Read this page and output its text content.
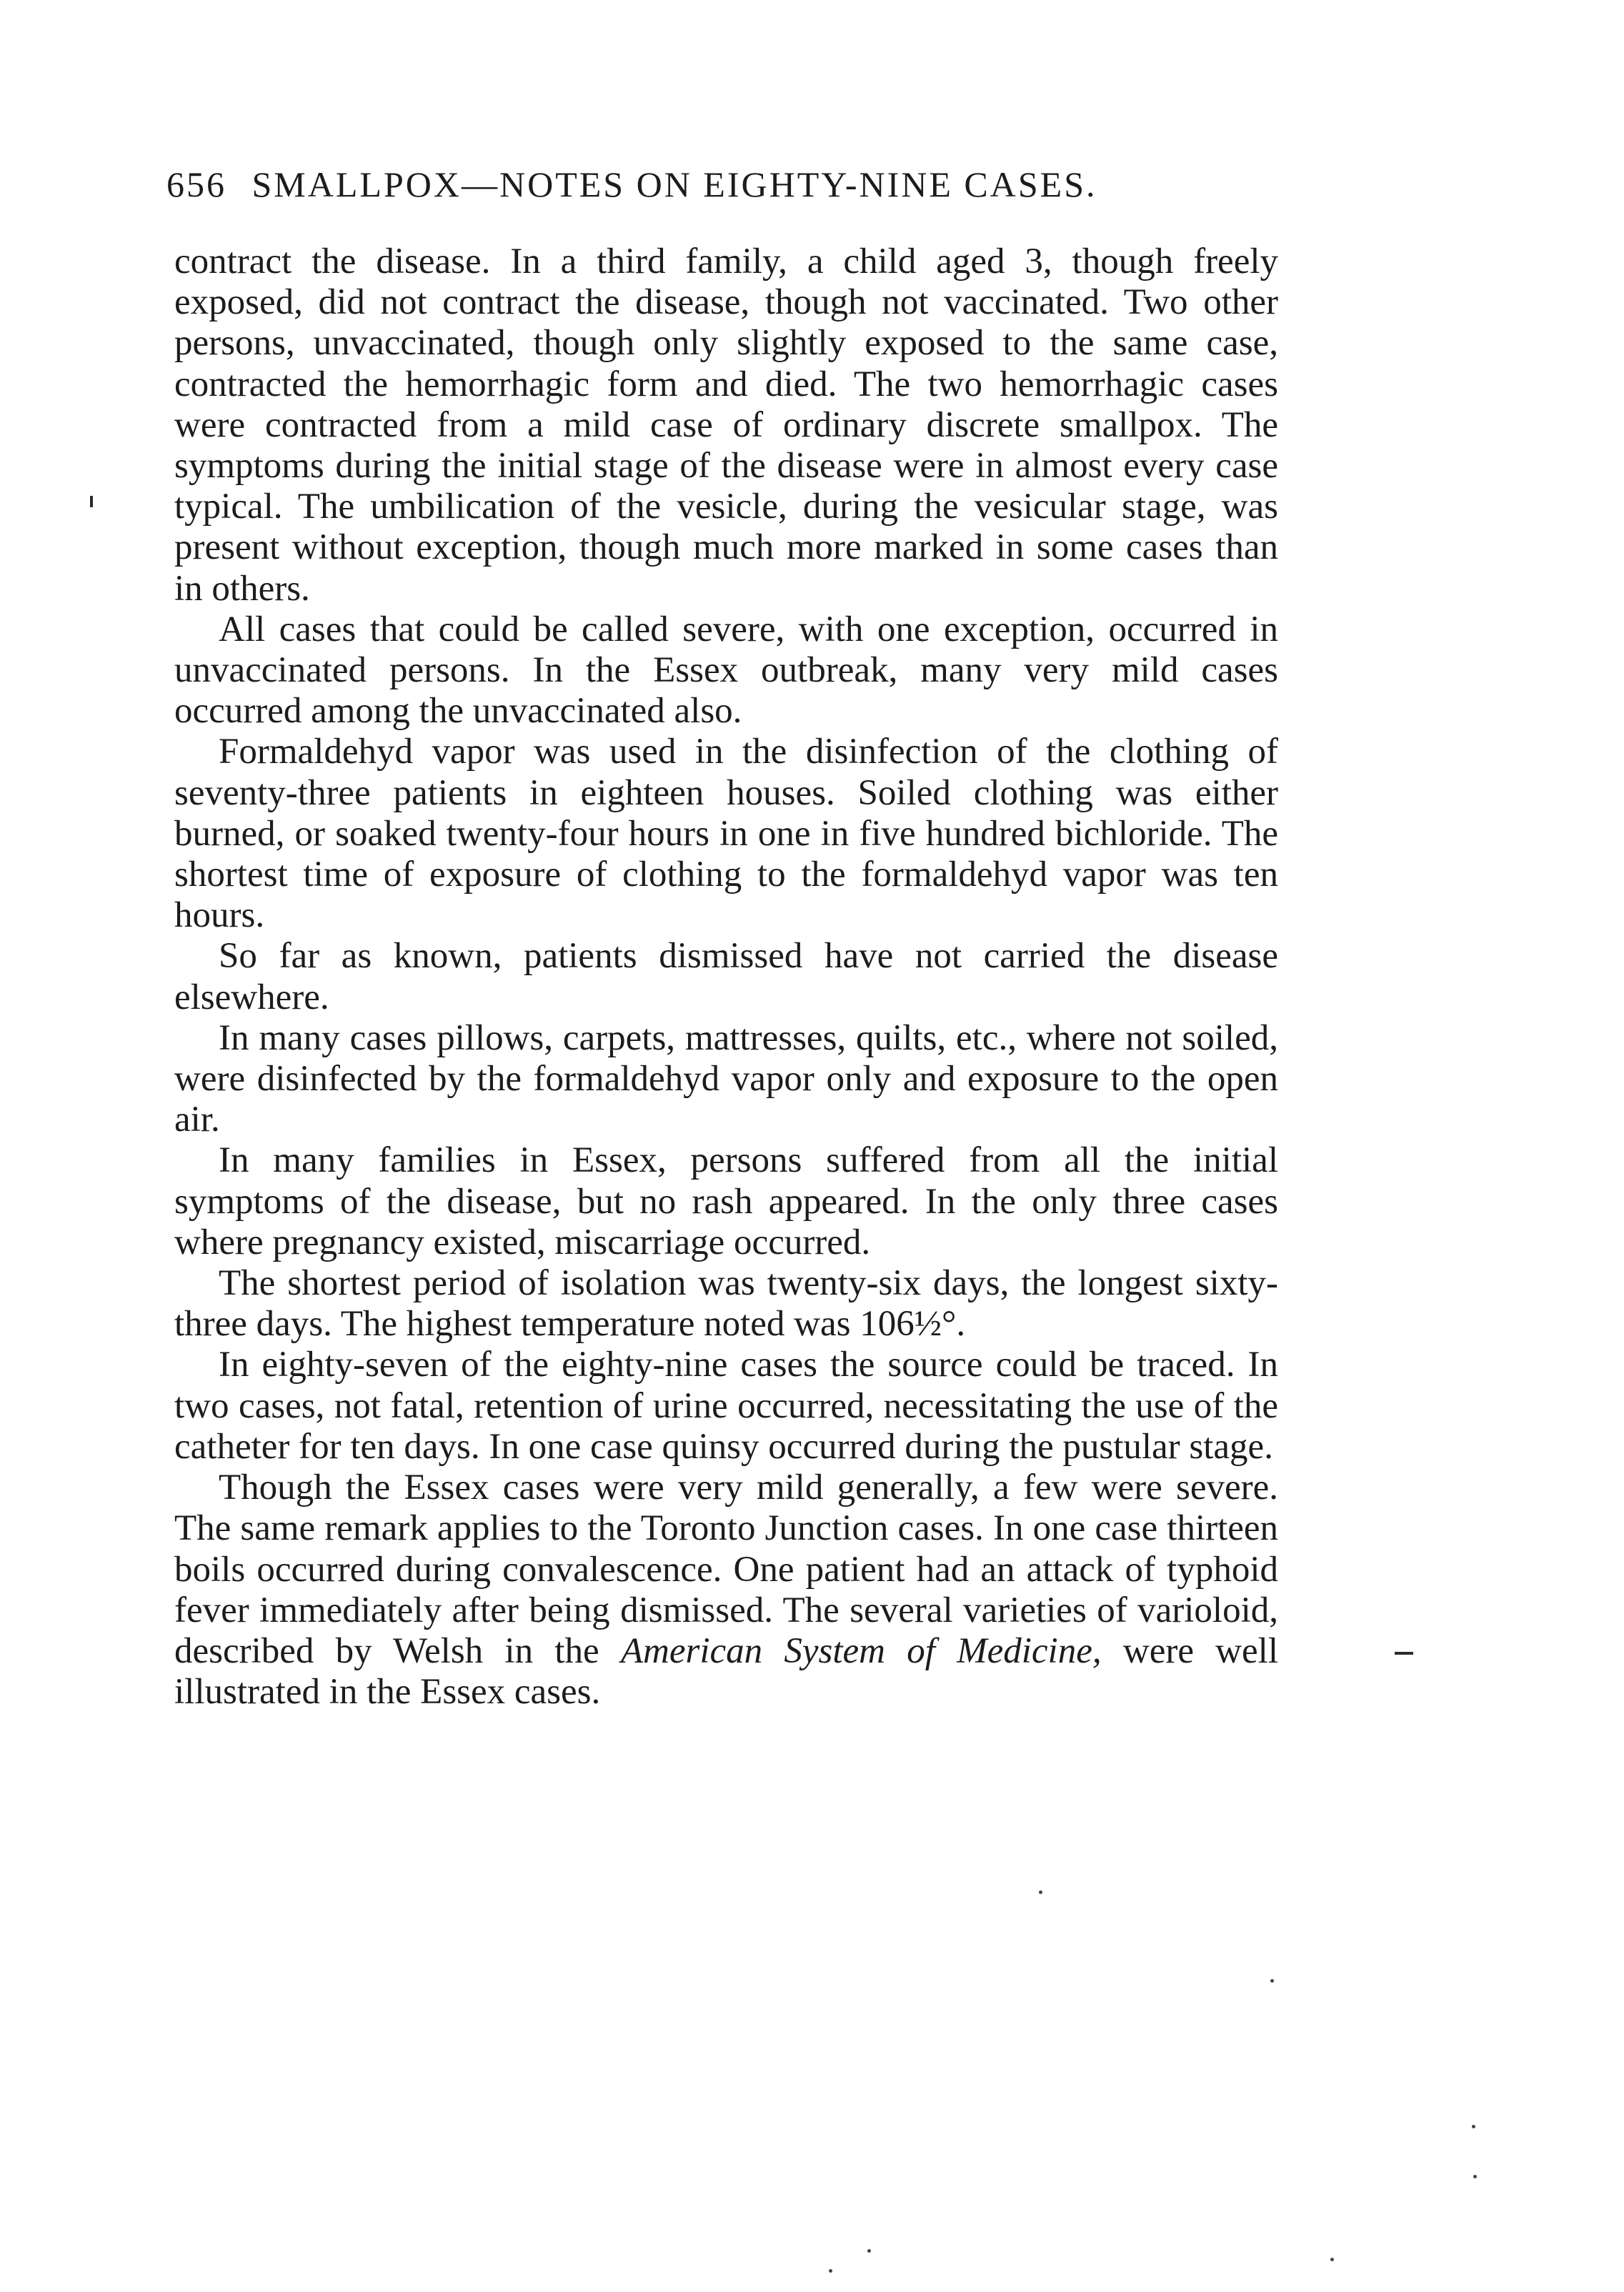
656 SMALLPOX—NOTES ON EIGHTY-NINE CASES.

contract the disease. In a third family, a child aged 3, though freely exposed, did not contract the disease, though not vaccinated. Two other persons, unvaccinated, though only slightly exposed to the same case, contracted the hemorrhagic form and died. The two hemorrhagic cases were contracted from a mild case of ordinary discrete smallpox. The symptoms during the initial stage of the disease were in almost every case typical. The umbilication of the vesicle, during the vesicular stage, was present without exception, though much more marked in some cases than in others.

All cases that could be called severe, with one exception, occurred in unvaccinated persons. In the Essex outbreak, many very mild cases occurred among the unvaccinated also.

Formaldehyd vapor was used in the disinfection of the clothing of seventy-three patients in eighteen houses. Soiled clothing was either burned, or soaked twenty-four hours in one in five hundred bichloride. The shortest time of exposure of clothing to the formaldehyd vapor was ten hours.

So far as known, patients dismissed have not carried the disease elsewhere.

In many cases pillows, carpets, mattresses, quilts, etc., where not soiled, were disinfected by the formaldehyd vapor only and exposure to the open air.

In many families in Essex, persons suffered from all the initial symptoms of the disease, but no rash appeared. In the only three cases where pregnancy existed, miscarriage occurred.

The shortest period of isolation was twenty-six days, the longest sixty-three days. The highest temperature noted was 106½°.

In eighty-seven of the eighty-nine cases the source could be traced. In two cases, not fatal, retention of urine occurred, necessitating the use of the catheter for ten days. In one case quinsy occurred during the pustular stage.

Though the Essex cases were very mild generally, a few were severe. The same remark applies to the Toronto Junction cases. In one case thirteen boils occurred during convalescence. One patient had an attack of typhoid fever immediately after being dismissed. The several varieties of varioloid, described by Welsh in the American System of Medicine, were well illustrated in the Essex cases.
